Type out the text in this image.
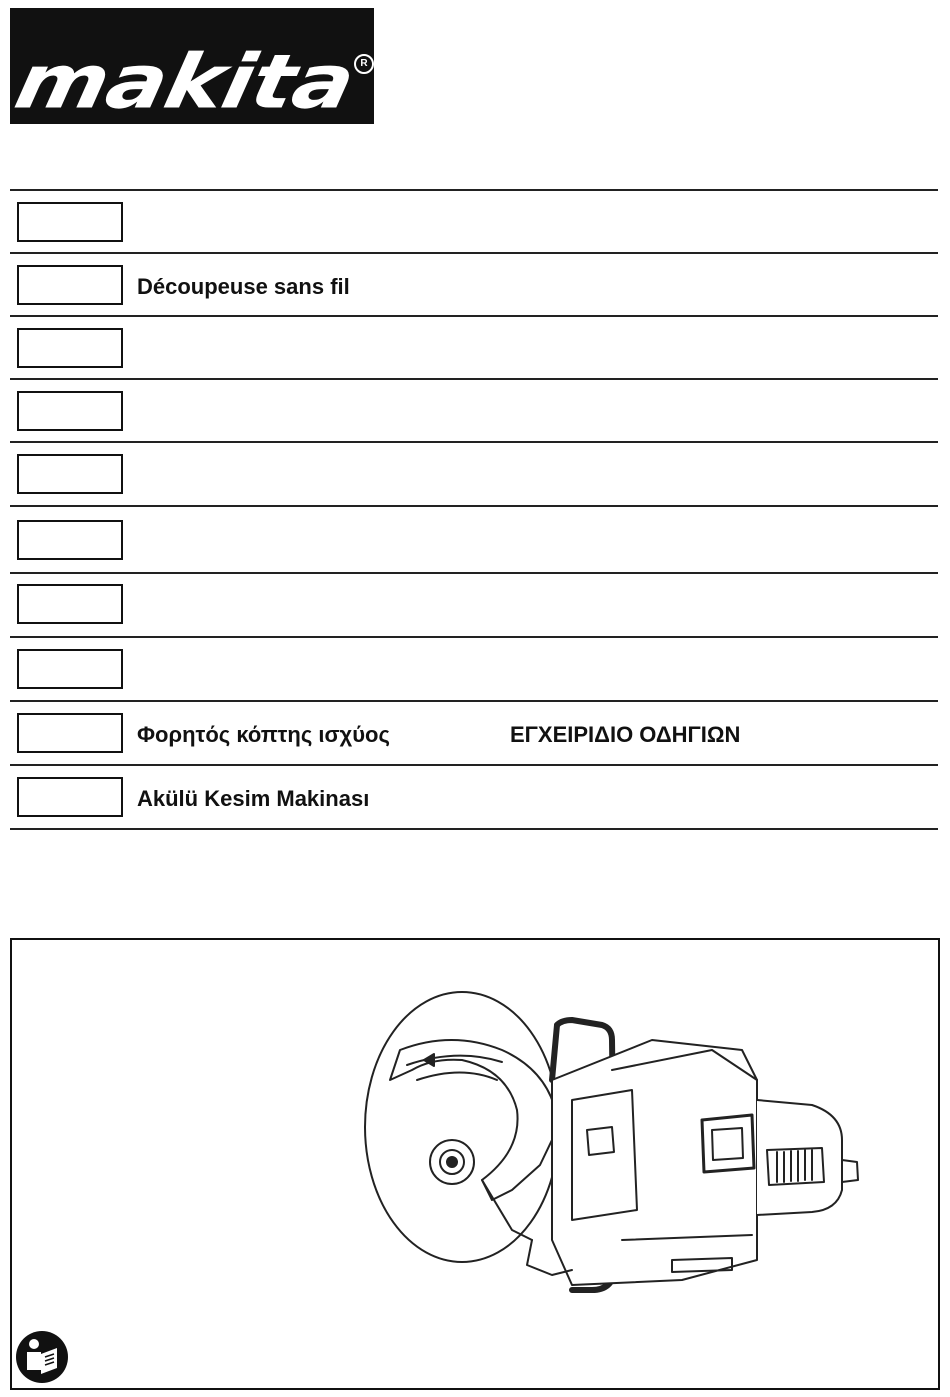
makita
R
Découpeuse sans fil
Φορητός κόπτης ισχύος	ΕΓΧΕΙΡΙΔΙΟ ΟΔΗΓΙΩΝ
Akülü Kesim Makinası
